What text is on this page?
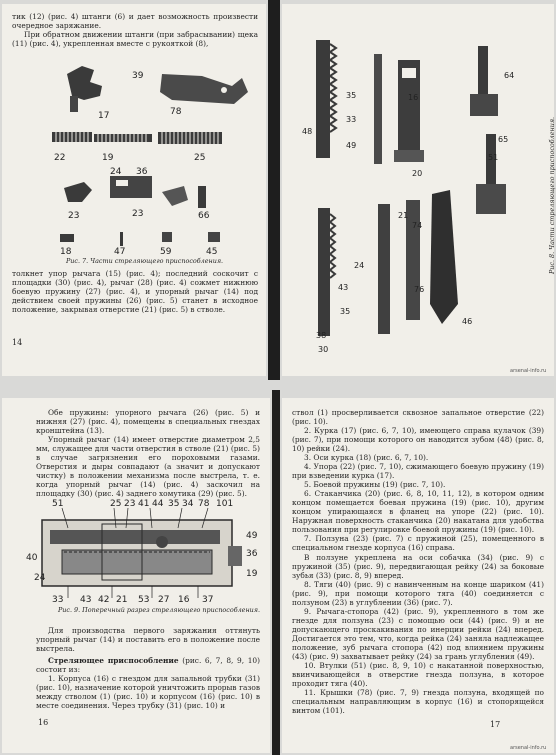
тик (12) (рис. 4) штанги (6) и дает возможность произвести очередное заряжание.

При обратном движении штанги (при забрасывании) щекa (11) (рис. 4), укрепленная вместе с рукояткой (8),

39
17	78
22	19	25
24 36
23	23	66
18	47	59	45
Рис. 7. Части стреляющего приспособления.

толкнет упор рычага (15) (рис. 4); последний соскочит с площадки (30) (рис. 4), рычаг (28) (рис. 4) сожмет нижнюю боевую пружину (27) (рис. 4), и упорный рычаг (14) под действием своей пружины (26) (рис. 5) станет в исходное положение, закрывая отверстие (21) (рис. 5) в стволе.

14
48
33
35
49
64
16
20
65
51
74
24
21
76
38
30
46
43
35
Рис. 8. Части стреляющего приспособления.
arsenal-info.ru

Обе пружины: упорного рычага (26) (рис. 5) и нижняя (27) (рис. 4), помещены в специальных гнездах кронштейна (13).

Упорный рычаг (14) имеет отверстие диаметром 2,5 мм, служащее для части отверстия в стволе (21) (рис. 5) в случае загрязнения его пороховыми газами. Отверстия и дыры совпадают (а значит и допускают чистку) в положении механизма после выстрела, т. е. когда упорный рычаг (14) (рис. 4) заскочил на площадку (30) (рис. 4) заднего хомутика (29) (рис. 5).

51	25 23 41 44 35 34 78 101
33 43 42 21 53 27 16 37
40
24
49
36
19
Рис. 9. Поперечный разрез стреляющего приспособления.

Для производства первого заряжания оттянуть упорный рычаг (14) и поставить его в положение после выстрела.

Стреляющее приспособление (рис. 6, 7, 8, 9, 10) состоит из:

1. Корпуса (16) с гнездом для запальной трубки (31) (рис. 10), назначение которой уничтожить прорыв газов между стволом (1) (рис. 10) и корпусом (16) (рис. 10) в месте соединения. Через трубку (31) (рис. 10) и

16

ствол (1) просверливается сквозное запальное отверстие (22) (рис. 10).

2. Курка (17) (рис. 6, 7, 10), имеющего справа кулачок (39) (рис. 7), при помощи которого он наводится зубом (48) (рис. 8, 10) рейки (24).

3. Оси курка (18) (рис. 6, 7, 10).

4. Упора (22) (рис. 7, 10), сжимающего боевую пружину (19) при взведении курка (17).

5. Боевой пружины (19) (рис. 7, 10).

6. Стаканчика (20) (рис. 6, 8, 10, 11, 12), в котором одним концом помещается боевая пружина (19) (рис. 10), другим концом упирающаяся в фланец на упоре (22) (рис. 10). Наружная поверхность стаканчика (20) накатана для удобства пользования при регулировке боевой пружины (19) (рис. 10).

7. Ползуна (23) (рис. 7) с пружиной (25), помещенного в специальном гнезде корпуса (16) справа.

В ползуне укреплена на оси собачка (34) (рис. 9) с пружиной (35) (рис. 9), передвигающая рейку (24) за боковые зубья (33) (рис. 8, 9) вперед.

8. Тяги (40) (рис. 9) с навинченным на конце шариком (41) (рис. 9), при помощи которого тяга (40) соединяется с ползуном (23) в углублении (36) (рис. 7).

9. Рычага-стопора (42) (рис. 9), укрепленного в том же гнезде для ползуна (23) с помощью оси (44) (рис. 9) и не допускающего проскакивания по инерции рейки (24) вперед. Достигается это тем, что, когда рейка (24) заняла надлежащее положение, зуб рычага стопора (42) под влиянием пружины (43) (рис. 9) захватывает рейку (24) за грань углубления (49).

10. Втулки (51) (рис. 8, 9, 10) с накатанной поверхностью, ввинчивающейся в отверстие гнезда ползуна, в которое проходит тяга (40).

11. Крышки (78) (рис. 7, 9) гнезда ползуна, входящей по специальным направляющим в корпус (16) и стопорящейся винтом (101).

17
arsenal-info.ru
